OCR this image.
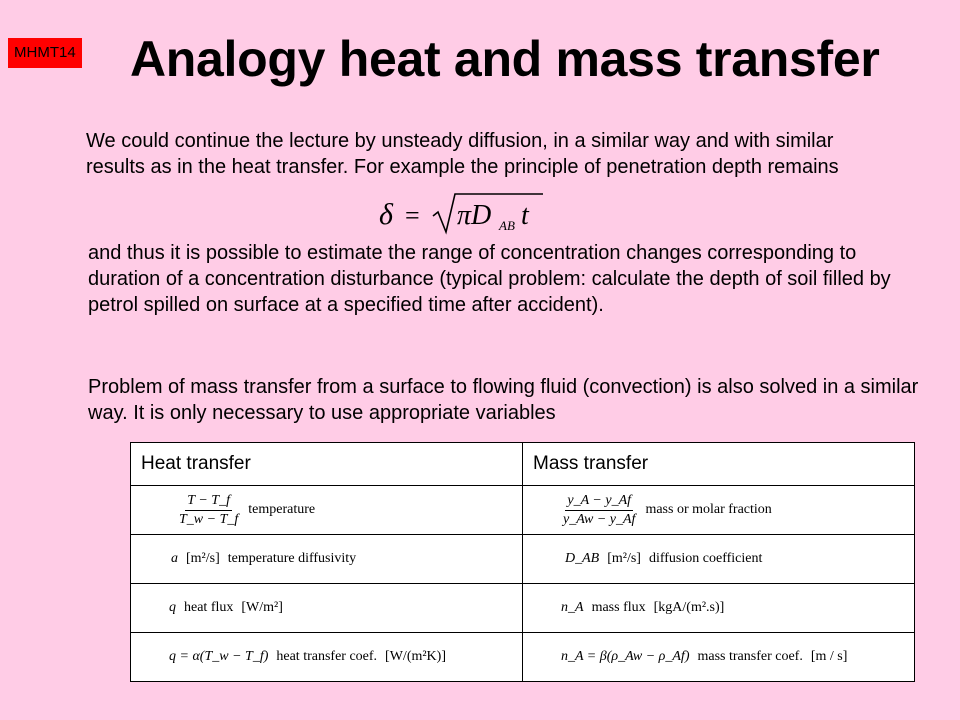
MHMT14 Analogy heat and mass transfer
We could continue the lecture by unsteady diffusion, in a similar way and with similar results as in the heat transfer. For example the principle of penetration depth remains
δ = πD AB t
and thus it is possible to estimate the range of concentration changes corresponding to duration of a concentration disturbance (typical problem: calculate the depth of soil filled by petrol spilled on surface at a specified time after accident).
Problem of mass transfer from a surface to flowing fluid (convection) is also solved in a similar way. It is only necessary to use appropriate variables
Heat transfer	Mass transfer

$\frac{T - T\_f}{T\_w - T\_f}$ temperature	$\frac{y\_A - y\_Af}{y\_Aw - y\_Af}$ mass or molar fraction

a [m²/s] temperature diffusivity	D_AB [m²/s] diffusion coefficient

q heat flux [W/m²]	n_A mass flux [kgA/(m².s)]

q = α(T_w − T_f) heat transfer coef. [W/(m²K)]	n_A = β(ρ_Aw − ρ_Af) mass transfer coef. [m / s]
